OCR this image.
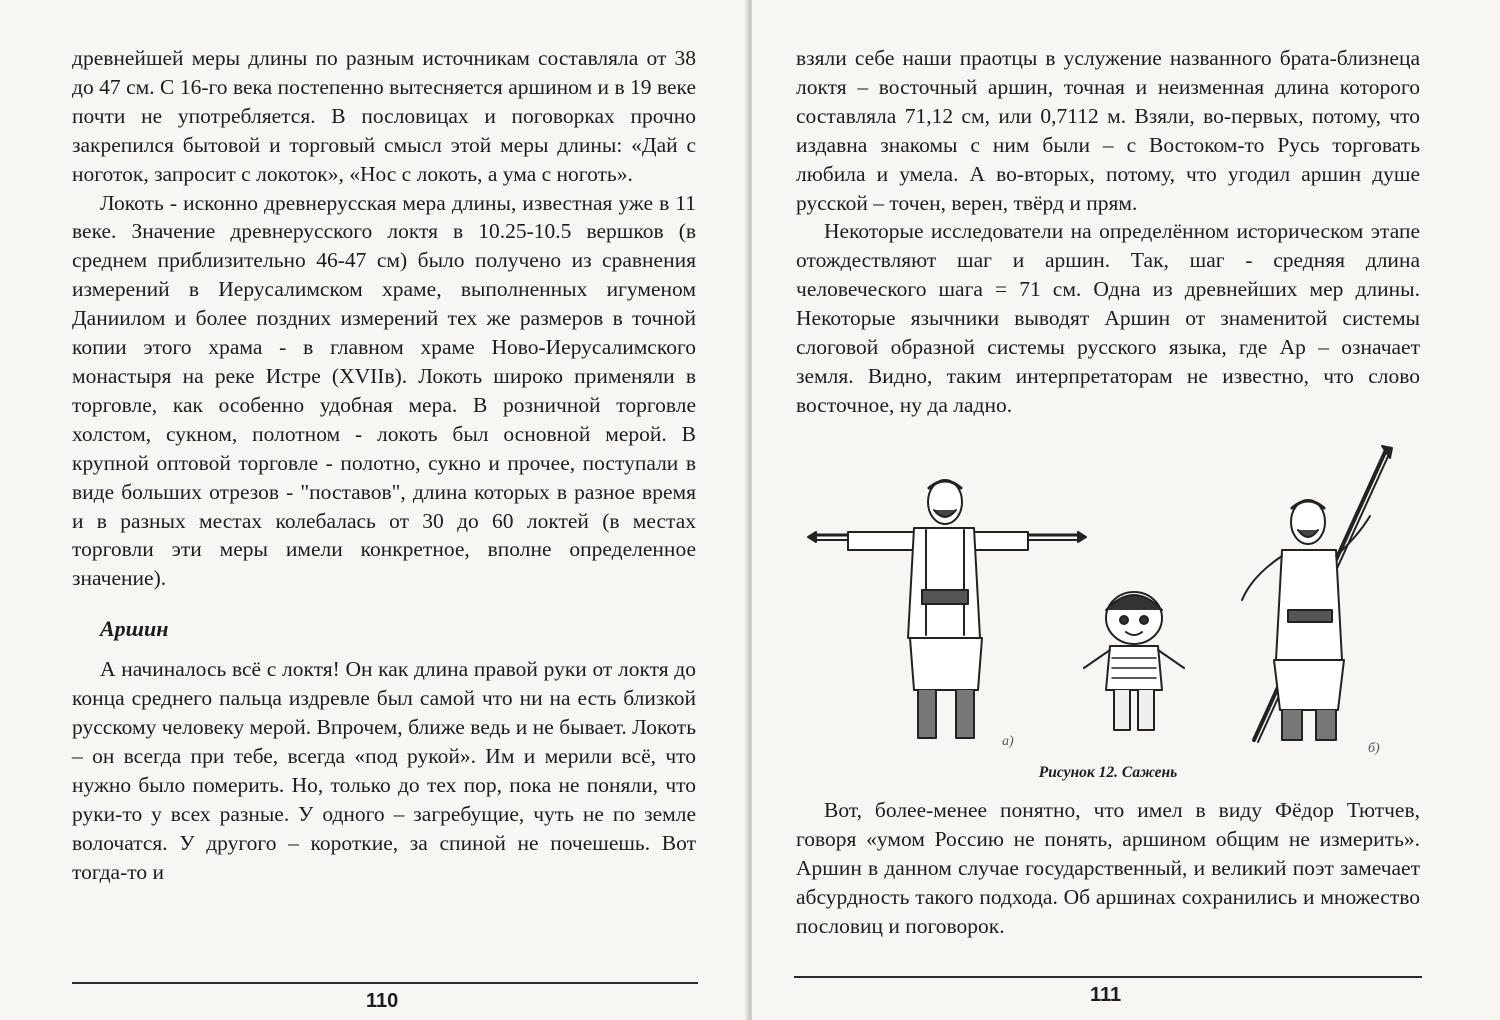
древнейшей меры длины по разным источникам составляла от 38 до 47 см. С 16-го века постепенно вытесняется аршином и в 19 веке почти не употребляется. В пословицах и поговорках прочно закрепился бытовой и торговый смысл этой меры длины: «Дай с ноготок, запросит с локоток», «Нос с локоть, а ума с ноготь».

Локоть - исконно древнерусская мера длины, известная уже в 11 веке. Значение древнерусского локтя в 10.25-10.5 вершков (в среднем приблизительно 46-47 см) было получено из сравнения измерений в Иерусалимском храме, выполненных игуменом Даниилом и более поздних измерений тех же размеров в точной копии этого храма - в главном храме Ново-Иерусалимского монастыря на реке Истре (XVIIв). Локоть широко применяли в торговле, как особенно удобная мера. В розничной торговле холстом, сукном, полотном - локоть был основной мерой. В крупной оптовой торговле - полотно, сукно и прочее, поступали в виде больших отрезов - "поставов", длина которых в разное время и в разных местах колебалась от 30 до 60 локтей (в местах торговли эти меры имели конкретное, вполне определенное значение).

Аршин

А начиналось всё с локтя! Он как длина правой руки от локтя до конца среднего пальца издревле был самой что ни на есть близкой русскому человеку мерой. Впрочем, ближе ведь и не бывает. Локоть – он всегда при тебе, всегда «под рукой». Им и мерили всё, что нужно было померить. Но, только до тех пор, пока не поняли, что руки-то у всех разные. У одного – загребущие, чуть не по земле волочатся. У другого – короткие, за спиной не почешешь. Вот тогда-то и

110

взяли себе наши праотцы в услужение названного брата-близнеца локтя – восточный аршин, точная и неизменная длина которого составляла 71,12 см, или 0,7112 м. Взяли, во-первых, потому, что издавна знакомы с ним были – с Востоком-то Русь торговать любила и умела. А во-вторых, потому, что угодил аршин душе русской – точен, верен, твёрд и прям.

Некоторые исследователи на определённом историческом этапе отождествляют шаг и аршин. Так, шаг - средняя длина человеческого шага = 71 см. Одна из древнейших мер длины. Некоторые язычники выводят Аршин от знаменитой системы слоговой образной системы русского языка, где Ар – означает земля. Видно, таким интерпретаторам не известно, что слово восточное, ну да ладно.

а)	б)
Рисунок 12. Сажень

Вот, более-менее понятно, что имел в виду Фёдор Тютчев, говоря «умом Россию не понять, аршином общим не измерить». Аршин в данном случае государственный, и великий поэт замечает абсурдность такого подхода. Об аршинах сохранились и множество пословиц и поговорок.

111
